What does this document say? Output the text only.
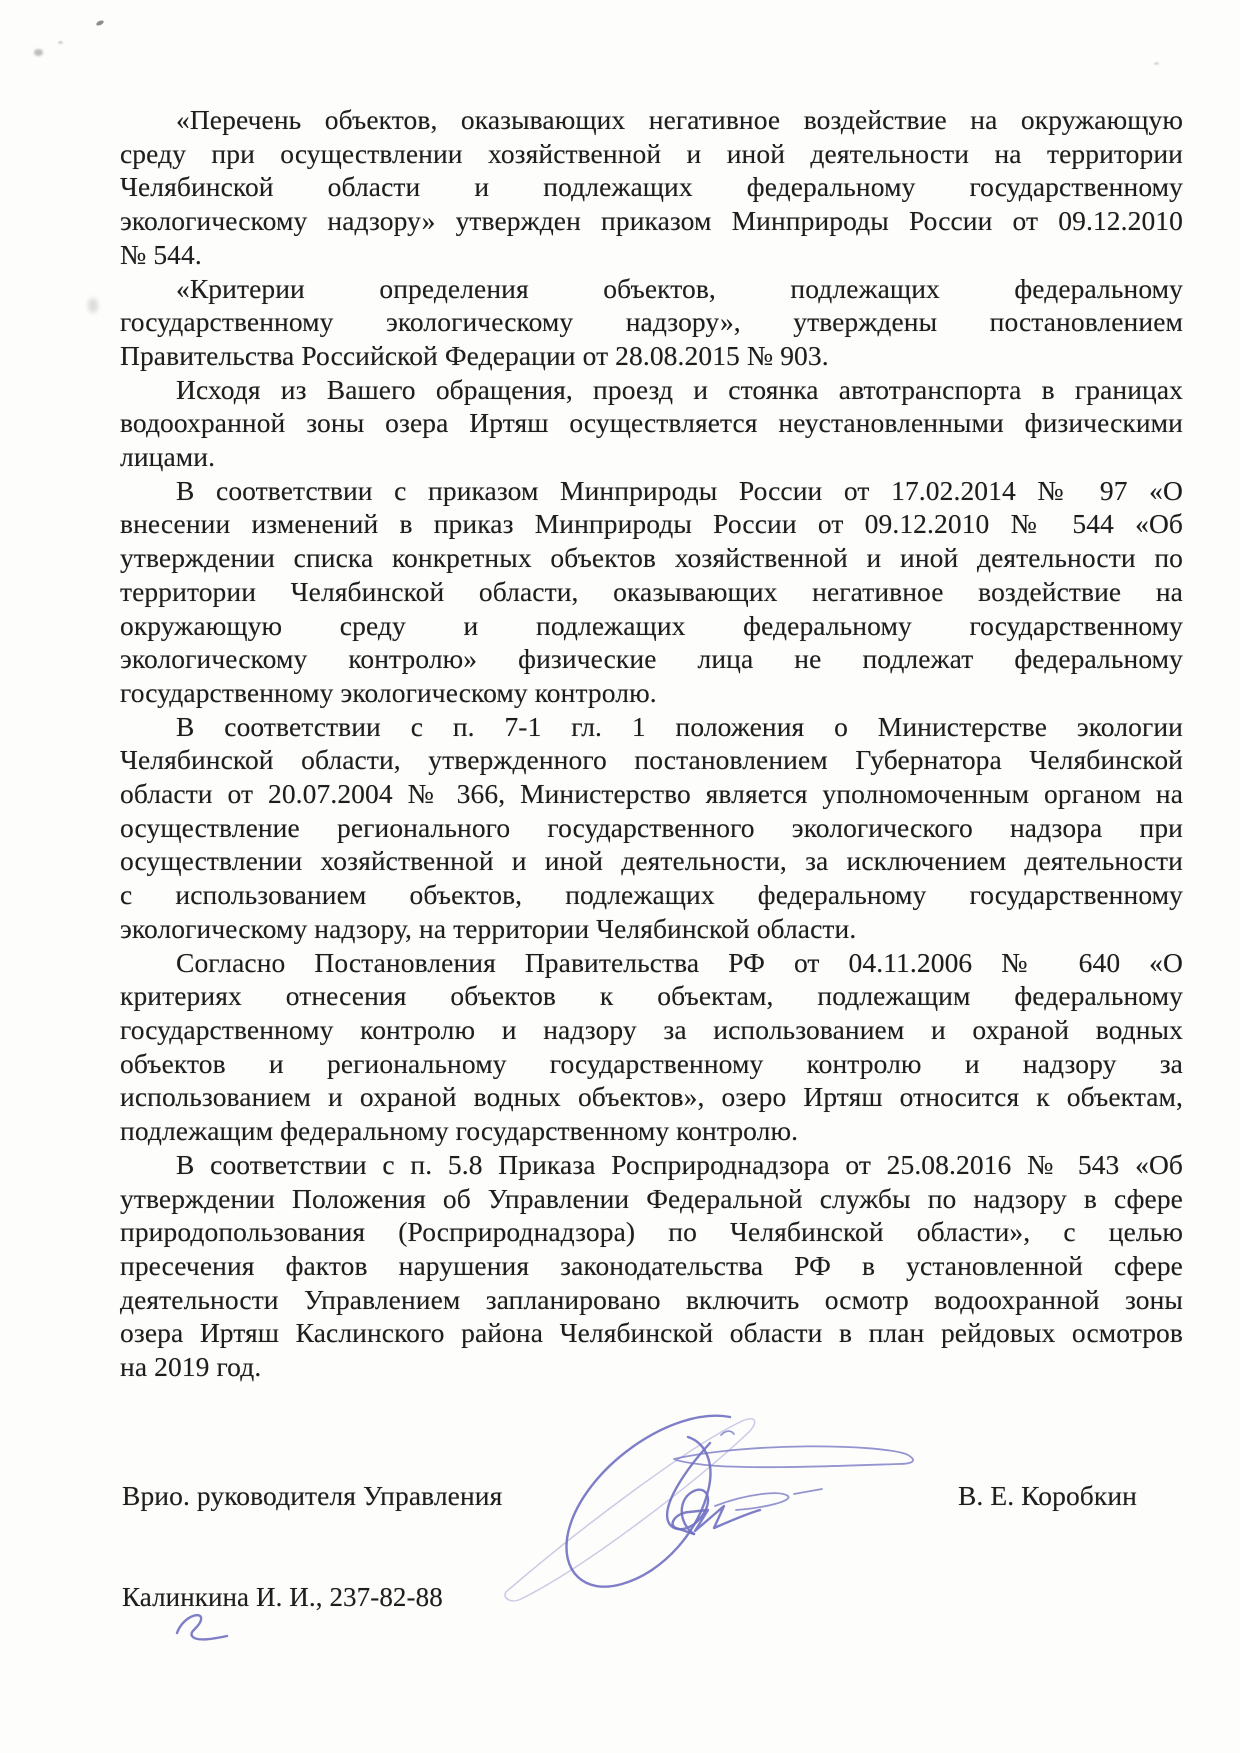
«Перечень объектов, оказывающих негативное воздействие на окружающую
среду при осуществлении хозяйственной и иной деятельности на территории
Челябинской области и подлежащих федеральному государственному
экологическому надзору» утвержден приказом Минприроды России от 09.12.2010
№ 544.
«Критерии определения объектов, подлежащих федеральному
государственному экологическому надзору», утверждены постановлением
Правительства Российской Федерации от 28.08.2015 № 903.
Исходя из Вашего обращения, проезд и стоянка автотранспорта в границах
водоохранной зоны озера Иртяш осуществляется неустановленными физическими
лицами.
В соответствии с приказом Минприроды России от 17.02.2014 № 97 «О
внесении изменений в приказ Минприроды России от 09.12.2010 № 544 «Об
утверждении списка конкретных объектов хозяйственной и иной деятельности по
территории Челябинской области, оказывающих негативное воздействие на
окружающую среду и подлежащих федеральному государственному
экологическому контролю» физические лица не подлежат федеральному
государственному экологическому контролю.
В соответствии с п. 7-1 гл. 1 положения о Министерстве экологии
Челябинской области, утвержденного постановлением Губернатора Челябинской
области от 20.07.2004 № 366, Министерство является уполномоченным органом на
осуществление регионального государственного экологического надзора при
осуществлении хозяйственной и иной деятельности, за исключением деятельности
с использованием объектов, подлежащих федеральному государственному
экологическому надзору, на территории Челябинской области.
Согласно Постановления Правительства РФ от 04.11.2006 № 640 «О
критериях отнесения объектов к объектам, подлежащим федеральному
государственному контролю и надзору за использованием и охраной водных
объектов и региональному государственному контролю и надзору за
использованием и охраной водных объектов», озеро Иртяш относится к объектам,
подлежащим федеральному государственному контролю.
В соответствии с п. 5.8 Приказа Росприроднадзора от 25.08.2016 № 543 «Об
утверждении Положения об Управлении Федеральной службы по надзору в сфере
природопользования (Росприроднадзора) по Челябинской области», с целью
пресечения фактов нарушения законодательства РФ в установленной сфере
деятельности Управлением запланировано включить осмотр водоохранной зоны
озера Иртяш Каслинского района Челябинской области в план рейдовых осмотров
на 2019 год.
Врио. руководителя Управления	В. Е. Коробкин
Калинкина И. И., 237-82-88
